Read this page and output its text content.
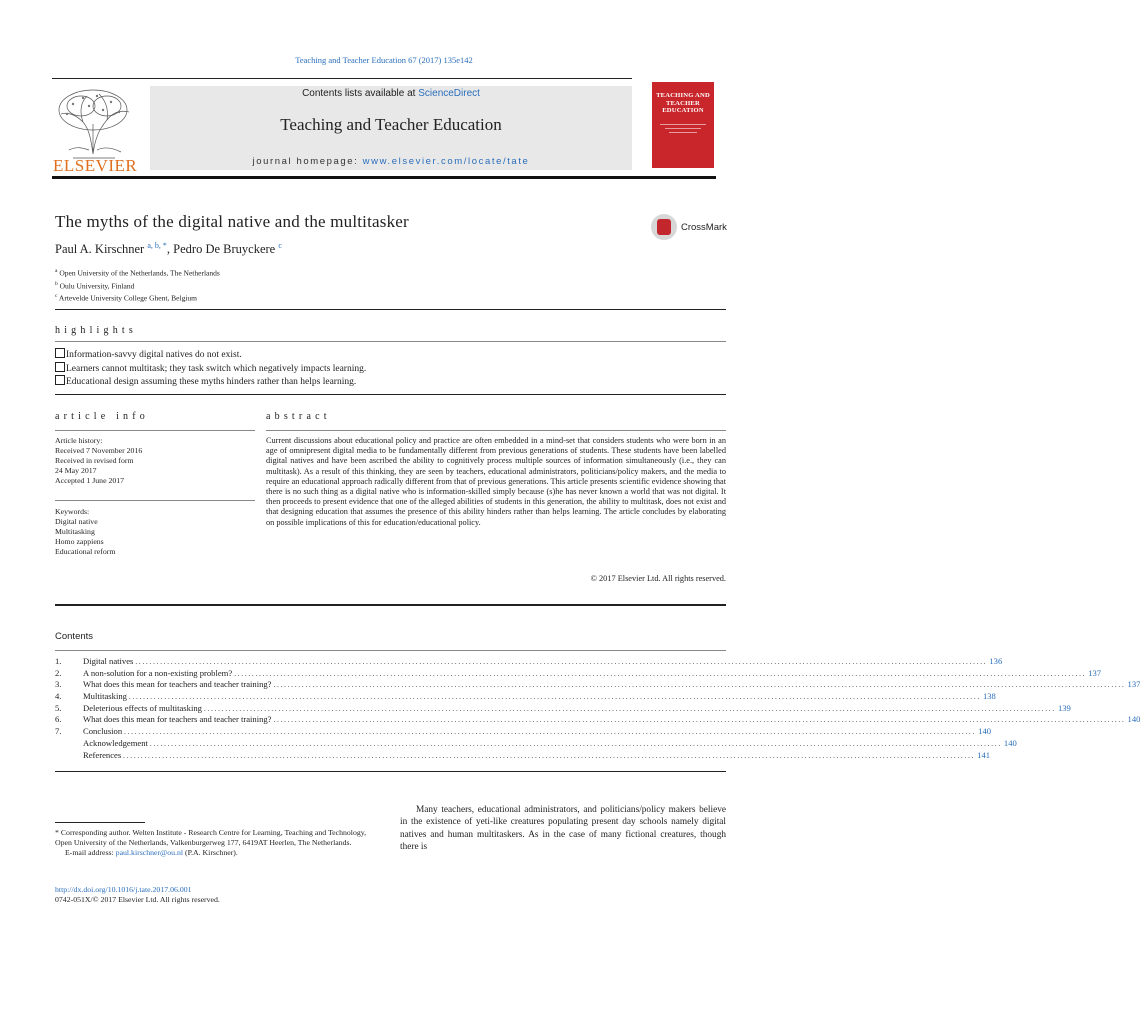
Teaching and Teacher Education 67 (2017) 135e142
ELSEVIER
Contents lists available at ScienceDirect
Teaching and Teacher Education
journal homepage: www.elsevier.com/locate/tate
TEACHING AND TEACHER EDUCATION
The myths of the digital native and the multitasker
Paul A. Kirschner $^{a, b, *}$, Pedro De Bruyckere $^c$
CrossMark
$^a$ Open University of the Netherlands, The Netherlands
$^b$ Oulu University, Finland
$^c$ Artevelde University College Ghent, Belgium
highlights
Information-savvy digital natives do not exist.
Learners cannot multitask; they task switch which negatively impacts learning.
Educational design assuming these myths hinders rather than helps learning.
article info	abstract
Article history:
Received 7 November 2016
Received in revised form
24 May 2017
Accepted 1 June 2017
Keywords:
Digital native
Multitasking
Homo zappiens
Educational reform
Current discussions about educational policy and practice are often embedded in a mind-set that considers students who were born in an age of omnipresent digital media to be fundamentally different from previous generations of students. These students have been labelled digital natives and have been ascribed the ability to cognitively process multiple sources of information simultaneously (i.e., they can multitask). As a result of this thinking, they are seen by teachers, educational administrators, politicians/policy makers, and the media to require an educational approach radically different from that of previous generations. This article presents scientific evidence showing that there is no such thing as a digital native who is information-skilled simply because (s)he has never known a world that was not digital. It then proceeds to present evidence that one of the alleged abilities of students in this generation, the ability to multitask, does not exist and that designing education that assumes the presence of this ability hinders rather than helps learning. The article concludes by elaborating on possible implications of this for education/educational policy.
© 2017 Elsevier Ltd. All rights reserved.
Contents
1.	Digital natives ................................................................................................................................................................................................................................................ 136
2.	A non-solution for a non-existing problem? ................................................................................................................................................................................................................................................ 137
3.	What does this mean for teachers and teacher training? ................................................................................................................................................................................................................................................ 137
4.	Multitasking ................................................................................................................................................................................................................................................ 138
5.	Deleterious effects of multitasking ................................................................................................................................................................................................................................................ 139
6.	What does this mean for teachers and teacher training? ................................................................................................................................................................................................................................................ 140
7.	Conclusion ................................................................................................................................................................................................................................................ 140
Acknowledgement ................................................................................................................................................................................................................................................ 140
References ................................................................................................................................................................................................................................................ 141
* Corresponding author. Welten Institute - Research Centre for Learning, Teaching and Technology, Open University of the Netherlands, Valkenburgerweg 177, 6419AT Heerlen, The Netherlands.
E-mail address: paul.kirschner@ou.nl (P.A. Kirschner).
http://dx.doi.org/10.1016/j.tate.2017.06.001
0742-051X/© 2017 Elsevier Ltd. All rights reserved.
Many teachers, educational administrators, and politicians/policy makers believe in the existence of yeti-like creatures populating present day schools namely digital natives and human multitaskers. As in the case of many fictional creatures, though there is
